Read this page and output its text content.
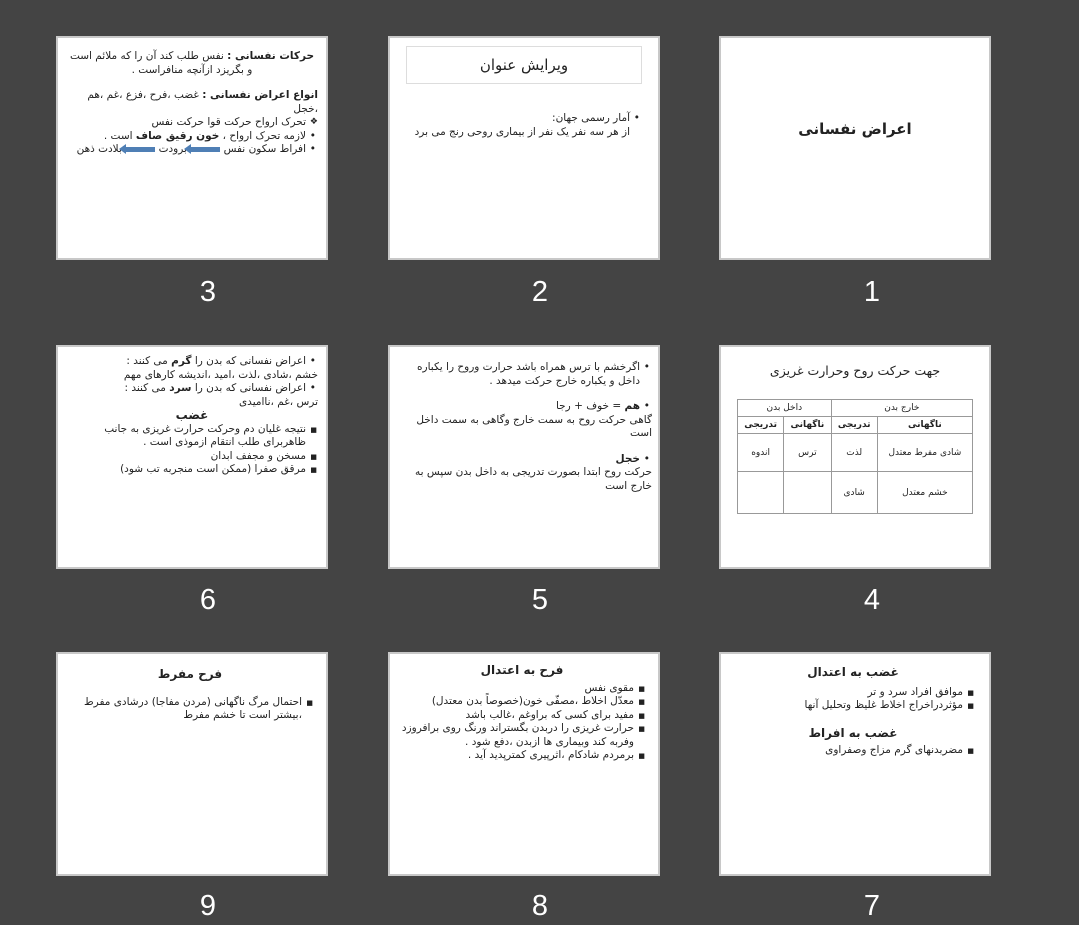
اعراض نفسانی
1
ویرایش عنوان
• آمار رسمی جهان:
از هر سه نفر یک نفر از بیماری روحی رنج می برد
2
حرکات نفسانی : نفس طلب کند آن را که ملائم است و بگریزد ازآنچه منافراست .
انواع اعراض نفسانی : غضب ،فرح ،فزع ،غم ،هم ،خجل
❖ تحرک ارواح حرکت قوا حرکت نفس
• لازمه تحرک ارواح ، خون رقیق صاف است .
• افراط سکون نفس  برودت  بلادت ذهن
3
جهت حرکت روح وحرارت غریزی
خارج بدن		داخل بدن	
ناگهانی	تدریجی	ناگهانی	تدریجی
شادی مفرط معتدل	لذت	ترس	اندوه
خشم معتدل	شادی		
4
• اگرخشم با ترس همراه باشد حرارت وروح را یکباره داخل و یکباره خارج حرکت میدهد .
• هم = خوف + رجا
گاهی حرکت روح به سمت خارج وگاهی به سمت داخل است
• خجل
حرکت روح ابتدا بصورت تدریجی به داخل بدن سپس به خارج است
5
• اعراض نفسانی که بدن را گرم می کنند :
خشم ،شادی ،لذت ،امید ،اندیشه کارهای مهم
• اعراض نفسانی که بدن را سرد می کنند :
ترس ،غم ،ناامیدی
غضب
■ نتیجه غلیان دم وحرکت حرارت غریزی به جانب ظاهربرای طلب انتقام ازموذی است .
■ مسخن و مجفف ابدان
■ مرقق صفرا (ممکن است منجربه تب شود)
6
غضب به اعتدال
■ موافق افراد سرد و تر
■ مؤثردراخراج اخلاط غلیظ وتحلیل آنها
غضب به افراط
■ مضربدنهای گرم مزاج وصفراوی
7
فرح به اعتدال
■ مقوی نفس
■ معدّل اخلاط ،مصفّی خون(خصوصاً بدن معتدل)
■ مفید برای کسی که براوغم ،غالب باشد
■ حرارت غریزی را دربدن بگستراند ورنگ روی برافروزد وفربه کند وبیماری ها ازبدن ،دفع شود .
■ برمردم شادکام ،اثرپیری کمترپدید آید .
8
فرح مفرط
■ احتمال مرگ ناگهانی (مردن مفاجا) درشادی مفرط ،بیشتر است تا خشم مفرط
9
